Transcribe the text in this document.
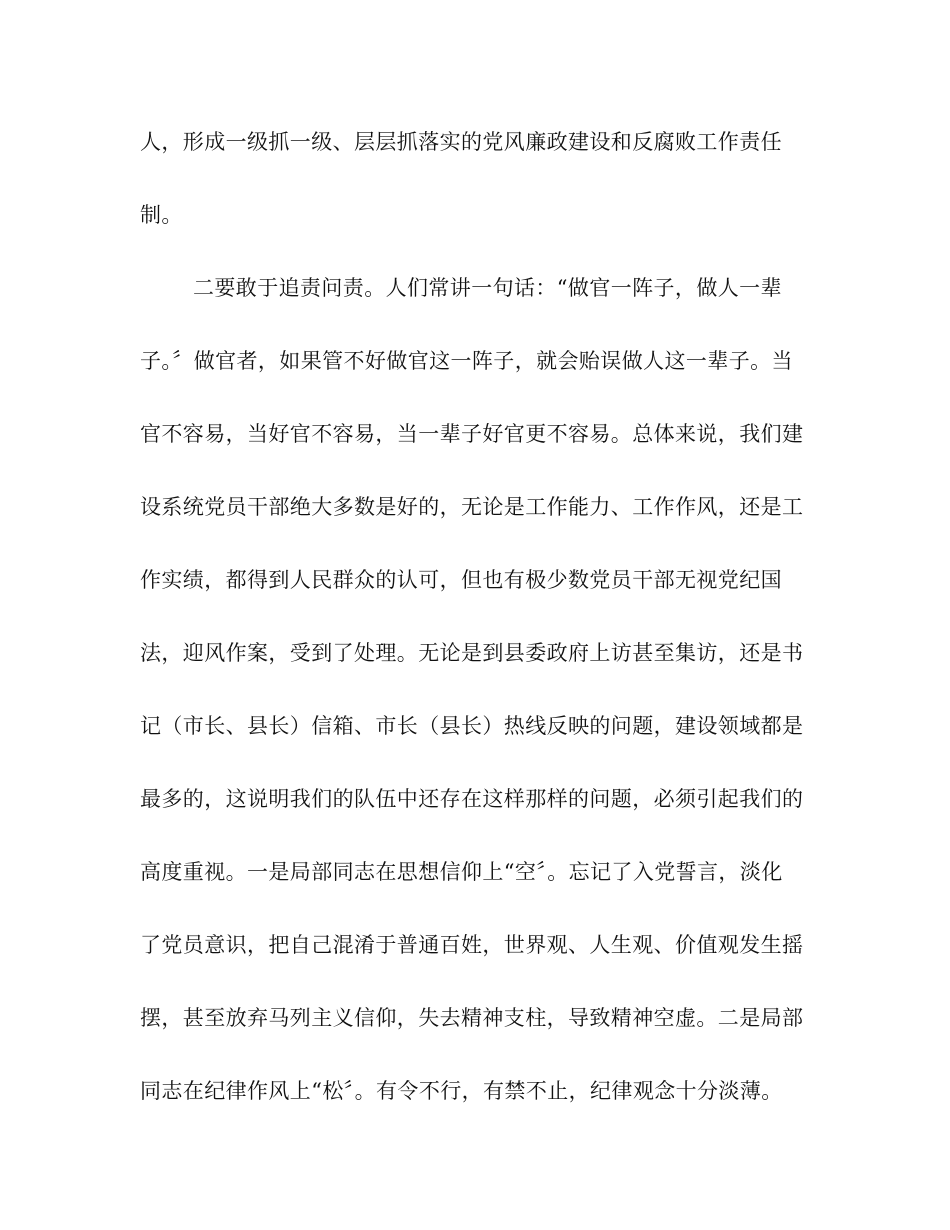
人，形成一级抓一级、层层抓落实的党风廉政建设和反腐败工作责任
制。
二要敢于追责问责。人们常讲一句话：“做官一阵子，做人一辈
子。〞做官者，如果管不好做官这一阵子，就会贻误做人这一辈子。当
官不容易，当好官不容易，当一辈子好官更不容易。总体来说，我们建
设系统党员干部绝大多数是好的，无论是工作能力、工作作风，还是工
作实绩，都得到人民群众的认可，但也有极少数党员干部无视党纪国
法，迎风作案，受到了处理。无论是到县委政府上访甚至集访，还是书
记（市长、县长）信箱、市长（县长）热线反映的问题，建设领域都是
最多的，这说明我们的队伍中还存在这样那样的问题，必须引起我们的
高度重视。一是局部同志在思想信仰上“空〞。忘记了入党誓言，淡化
了党员意识，把自己混淆于普通百姓，世界观、人生观、价值观发生摇
摆，甚至放弃马列主义信仰，失去精神支柱，导致精神空虚。二是局部
同志在纪律作风上“松〞。有令不行，有禁不止，纪律观念十分淡薄。
